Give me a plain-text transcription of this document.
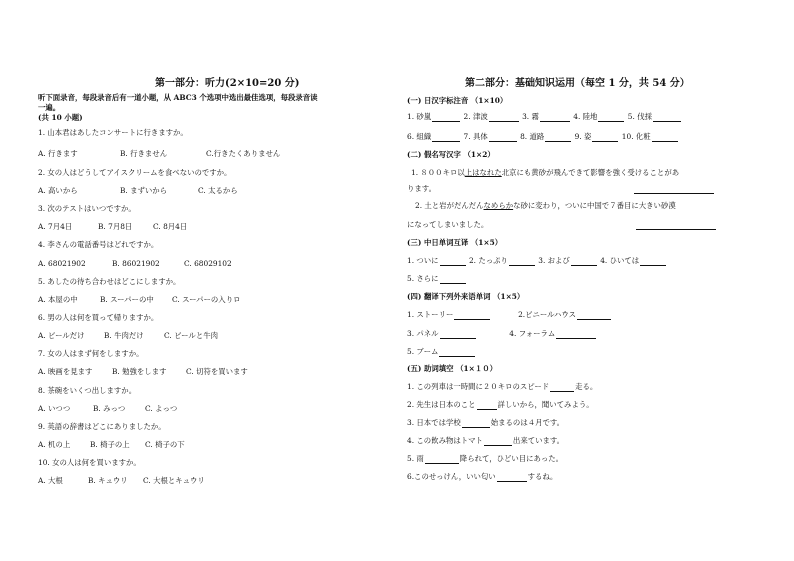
第一部分：听力(2×10=20 分)
听下面录音，每段录音后有一道小题，从 ABC3 个选项中选出最佳选项，每段录音读
一遍。
(共 10 小题)
1. 山本君はあしたコンサートに行きますか。
A. 行きます	B. 行きません	C.行きたくありません
2. 女の人はどうしてアイスクリームを食べないのですか。
A. 高いから	B. まずいから	C. 太るから
3. 次のテストはいつですか。
A. 7月4日	B. 7月8日	C. 8月4日
4. 李さんの電話番号はどれですか。
A. 68021902	B. 86021902	C. 68029102
5. あしたの待ち合わせはどこにしますか。
A. 本屋の中	B. スーパーの中 C. スーパーの入りロ
6. 男の人は何を買って帰りますか。
A. ビールだけ	B. 牛肉だけ	C. ビールと牛肉
7. 女の人はまず何をしますか。
A. 映画を見ます	B. 勉強をします	C. 切符を買います
8. 茶碗をいくつ出しますか。
A. いつつ	B. みっつ	C. よっつ
9. 英語の辞書はどこにありましたか。
A. 机の上	B. 椅子の上 C. 椅子の下
10. 女の人は何を買いますか。
A. 大根	B. キュウリ C. 大根とキュウリ
第二部分：基础知识运用（每空 1 分，共 54 分）
(一) 日汉字标注音 （1×10）
1. 砂嵐	2. 津波	3. 霧	4. 陸地	5. 伐採
6. 組織	7. 具体	8. 道路	9. 姿	10. 化粧
(二) 假名写汉字 （1×2）
1. ８００キロ以上はなれた北京にも黄砂が飛んできて影響を強く受けることがあ
ります。
2. 土と岩がだんだんなめらかな砂に変わり，ついに中国で７番目に大きい砂漠
になってしまいました。
(三) 中日单词互译 （1×5）
1. ついに	2. たっぷり	3. および	4. ひいては
5. さらに
(四) 翻译下列外来语单词 （1×5）
1. ストーリー	2.ビニールハウス
3. パネル	4. フォーラム
5. ブーム
(五) 助词填空 （1×１０）
1. この列車は一時間に２０キロのスピード	走る。
2. 先生は日本のこと	詳しいから，聞いてみよう。
3. 日本では学校	始まるのは４月です。
4. この飲み物はトマト	出来ています。
5. 雨	降られて，ひどい目にあった。
6.このせっけん，いい匂い	するね。
